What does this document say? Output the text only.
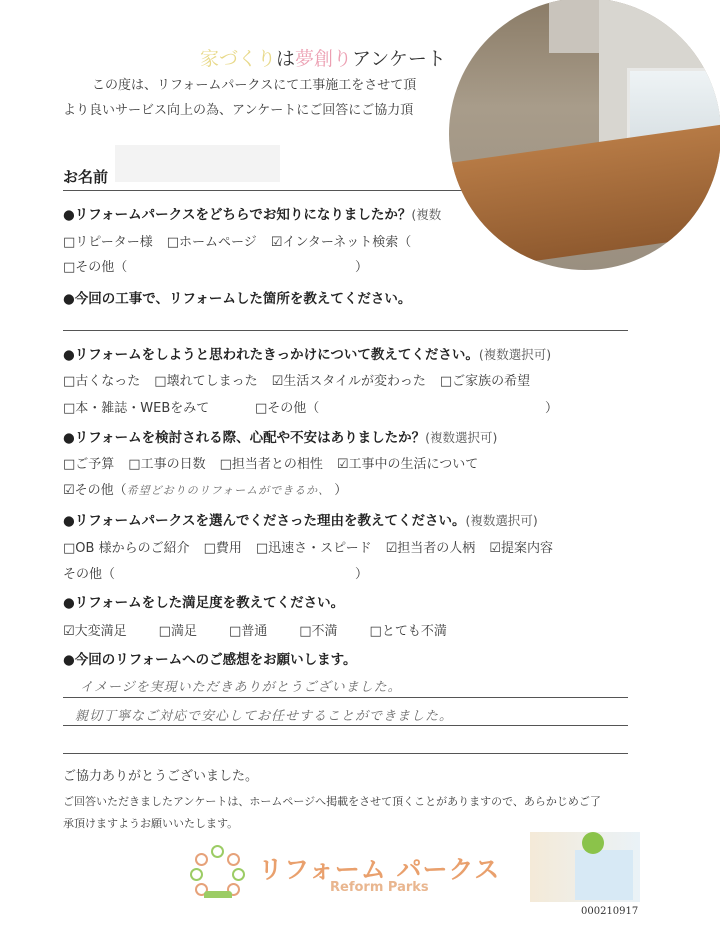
家づくりは夢創りアンケート
この度は、リフォームパークスにて工事施工をさせて頂
より良いサービス向上の為、アンケートにご回答にご協力頂
お名前
●リフォームパークスをどちらでお知りになりましたか？(複数
□リピーター様 □ホームページ ☑インターネット検索（
□その他（	）
●今回の工事で、リフォームした箇所を教えてください。
●リフォームをしようと思われたきっかけについて教えてください。(複数選択可)
□古くなった □壊れてしまった ☑生活スタイルが変わった □ご家族の希望
□本・雑誌・WEBをみて	□その他（	）
●リフォームを検討される際、心配や不安はありましたか？(複数選択可)
□ご予算 □工事の日数 □担当者との相性 ☑工事中の生活について
☑その他（希望どおりのリフォームができるか、 ）
●リフォームパークスを選んでくださった理由を教えてください。(複数選択可)
□OB 様からのご紹介 □費用 □迅速さ・スピード ☑担当者の人柄 ☑提案内容
その他（	）
●リフォームをした満足度を教えてください。
☑大変満足 □満足 □普通 □不満 □とても不満
●今回のリフォームへのご感想をお願いします。
イメージを実現いただきありがとうございました。
親切丁寧なご対応で安心してお任せすることができました。
ご協力ありがとうございました。
ご回答いただきましたアンケートは、ホームページへ掲載をさせて頂くことがありますので、あらかじめご了
承頂けますようお願いいたします。
リフォーム パークス
Reform Parks
000210917
